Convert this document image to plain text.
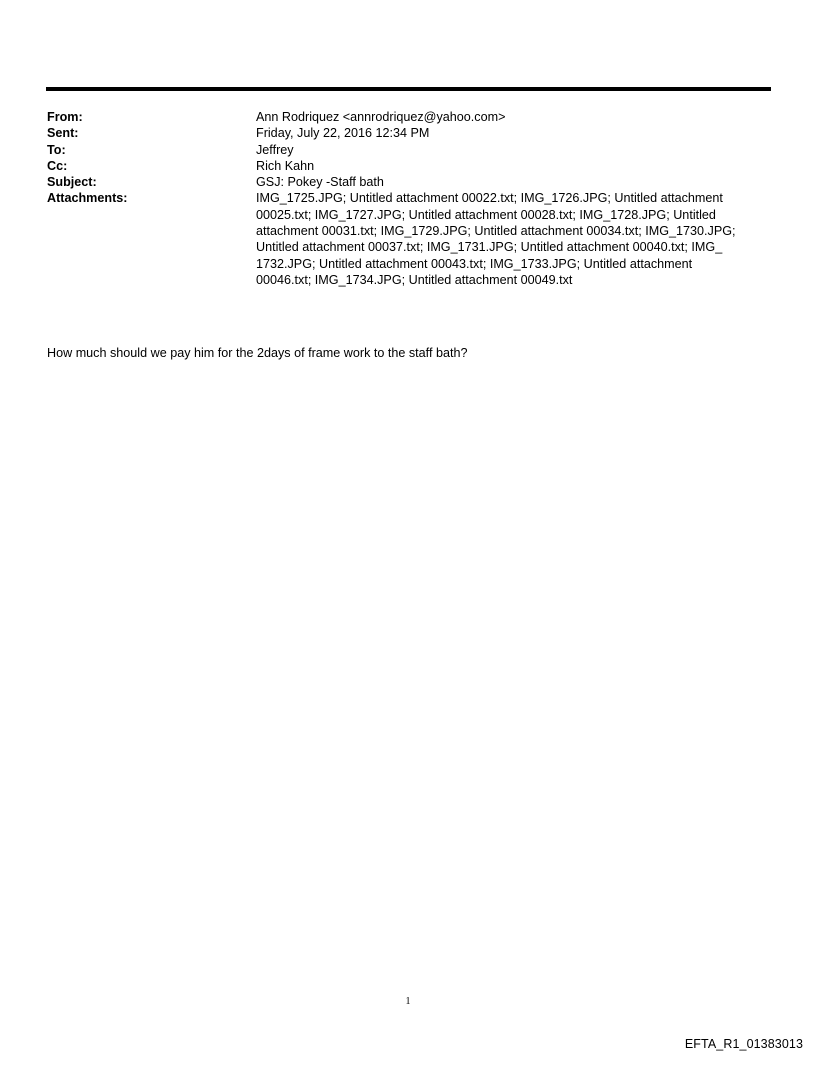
From:	Ann Rodriquez <annrodriquez@yahoo.com>
Sent:	Friday, July 22, 2016 12:34 PM
To:	Jeffrey
Cc:	Rich Kahn
Subject:	GSJ: Pokey -Staff bath
Attachments:	IMG_1725.JPG; Untitled attachment 00022.txt; IMG_1726.JPG; Untitled attachment
00025.txt; IMG_1727.JPG; Untitled attachment 00028.txt; IMG_1728.JPG; Untitled
attachment 00031.txt; IMG_1729.JPG; Untitled attachment 00034.txt; IMG_1730.JPG;
Untitled attachment 00037.txt; IMG_1731.JPG; Untitled attachment 00040.txt; IMG_
1732.JPG; Untitled attachment 00043.txt; IMG_1733.JPG; Untitled attachment
00046.txt; IMG_1734.JPG; Untitled attachment 00049.txt
How much should we pay him for the 2days of frame work to the staff bath?
1
EFTA_R1_01383013
